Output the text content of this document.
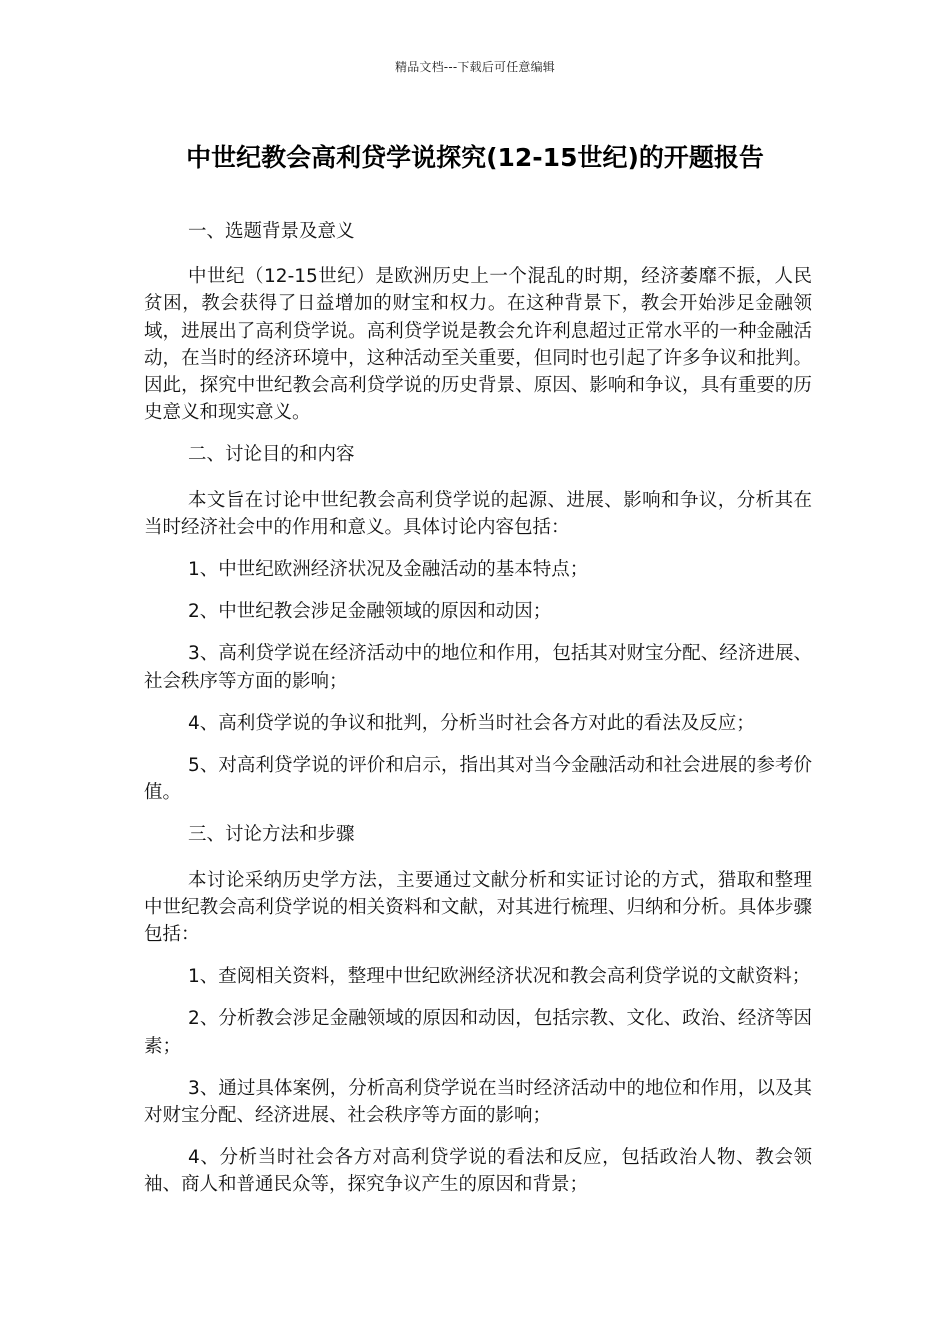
精品文档---下载后可任意编辑
中世纪教会高利贷学说探究(12-15世纪)的开题报告

一、选题背景及意义

中世纪（12-15世纪）是欧洲历史上一个混乱的时期，经济萎靡不振，人民贫困，教会获得了日益增加的财宝和权力。在这种背景下，教会开始涉足金融领域，进展出了高利贷学说。高利贷学说是教会允许利息超过正常水平的一种金融活动，在当时的经济环境中，这种活动至关重要，但同时也引起了许多争议和批判。因此，探究中世纪教会高利贷学说的历史背景、原因、影响和争议，具有重要的历史意义和现实意义。

二、讨论目的和内容

本文旨在讨论中世纪教会高利贷学说的起源、进展、影响和争议，分析其在当时经济社会中的作用和意义。具体讨论内容包括：

1、中世纪欧洲经济状况及金融活动的基本特点；

2、中世纪教会涉足金融领域的原因和动因；

3、高利贷学说在经济活动中的地位和作用，包括其对财宝分配、经济进展、社会秩序等方面的影响；

4、高利贷学说的争议和批判，分析当时社会各方对此的看法及反应；

5、对高利贷学说的评价和启示，指出其对当今金融活动和社会进展的参考价值。

三、讨论方法和步骤

本讨论采纳历史学方法，主要通过文献分析和实证讨论的方式，猎取和整理中世纪教会高利贷学说的相关资料和文献，对其进行梳理、归纳和分析。具体步骤包括：

1、查阅相关资料，整理中世纪欧洲经济状况和教会高利贷学说的文献资料；

2、分析教会涉足金融领域的原因和动因，包括宗教、文化、政治、经济等因素；

3、通过具体案例，分析高利贷学说在当时经济活动中的地位和作用，以及其对财宝分配、经济进展、社会秩序等方面的影响；

4、分析当时社会各方对高利贷学说的看法和反应，包括政治人物、教会领袖、商人和普通民众等，探究争议产生的原因和背景；
